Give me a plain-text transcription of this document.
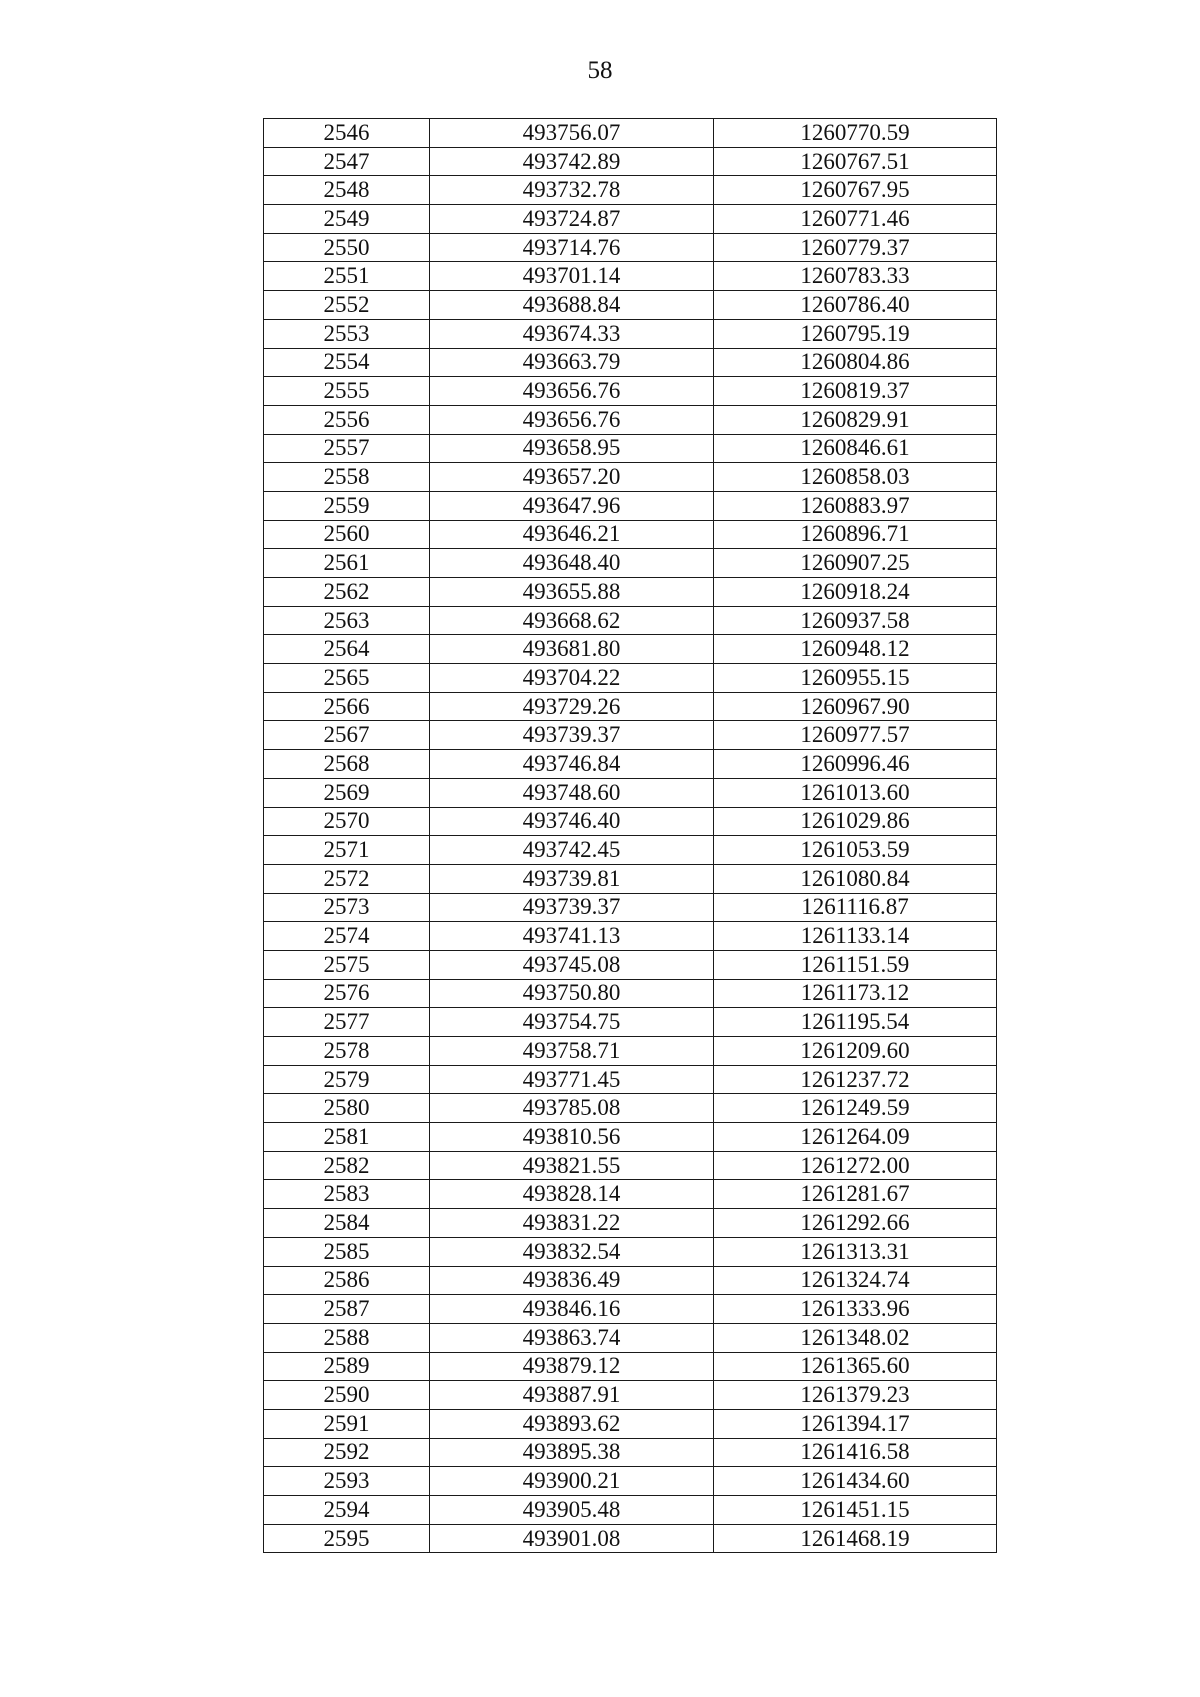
58
2546	493756.07	1260770.59
2547	493742.89	1260767.51
2548	493732.78	1260767.95
2549	493724.87	1260771.46
2550	493714.76	1260779.37
2551	493701.14	1260783.33
2552	493688.84	1260786.40
2553	493674.33	1260795.19
2554	493663.79	1260804.86
2555	493656.76	1260819.37
2556	493656.76	1260829.91
2557	493658.95	1260846.61
2558	493657.20	1260858.03
2559	493647.96	1260883.97
2560	493646.21	1260896.71
2561	493648.40	1260907.25
2562	493655.88	1260918.24
2563	493668.62	1260937.58
2564	493681.80	1260948.12
2565	493704.22	1260955.15
2566	493729.26	1260967.90
2567	493739.37	1260977.57
2568	493746.84	1260996.46
2569	493748.60	1261013.60
2570	493746.40	1261029.86
2571	493742.45	1261053.59
2572	493739.81	1261080.84
2573	493739.37	1261116.87
2574	493741.13	1261133.14
2575	493745.08	1261151.59
2576	493750.80	1261173.12
2577	493754.75	1261195.54
2578	493758.71	1261209.60
2579	493771.45	1261237.72
2580	493785.08	1261249.59
2581	493810.56	1261264.09
2582	493821.55	1261272.00
2583	493828.14	1261281.67
2584	493831.22	1261292.66
2585	493832.54	1261313.31
2586	493836.49	1261324.74
2587	493846.16	1261333.96
2588	493863.74	1261348.02
2589	493879.12	1261365.60
2590	493887.91	1261379.23
2591	493893.62	1261394.17
2592	493895.38	1261416.58
2593	493900.21	1261434.60
2594	493905.48	1261451.15
2595	493901.08	1261468.19
